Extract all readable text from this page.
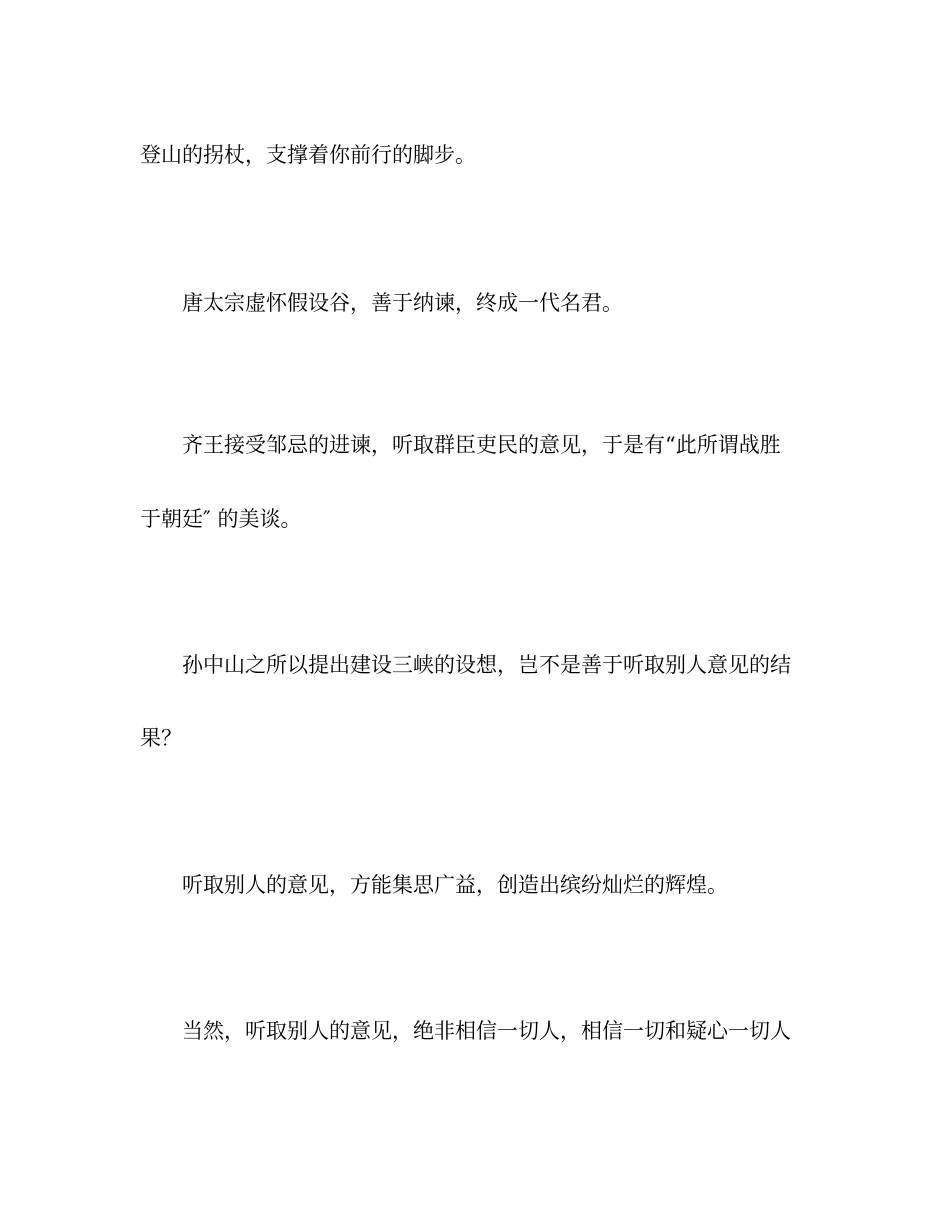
登山的拐杖，支撑着你前行的脚步。

唐太宗虚怀假设谷，善于纳谏，终成一代名君。

齐王接受邹忌的进谏，听取群臣吏民的意见，于是有“此所谓战胜

于朝廷″ 的美谈。

孙中山之所以提出建设三峡的设想，岂不是善于听取别人意见的结

果？

听取别人的意见，方能集思广益，创造出缤纷灿烂的辉煌。

当然，听取别人的意见，绝非相信一切人，相信一切和疑心一切人
